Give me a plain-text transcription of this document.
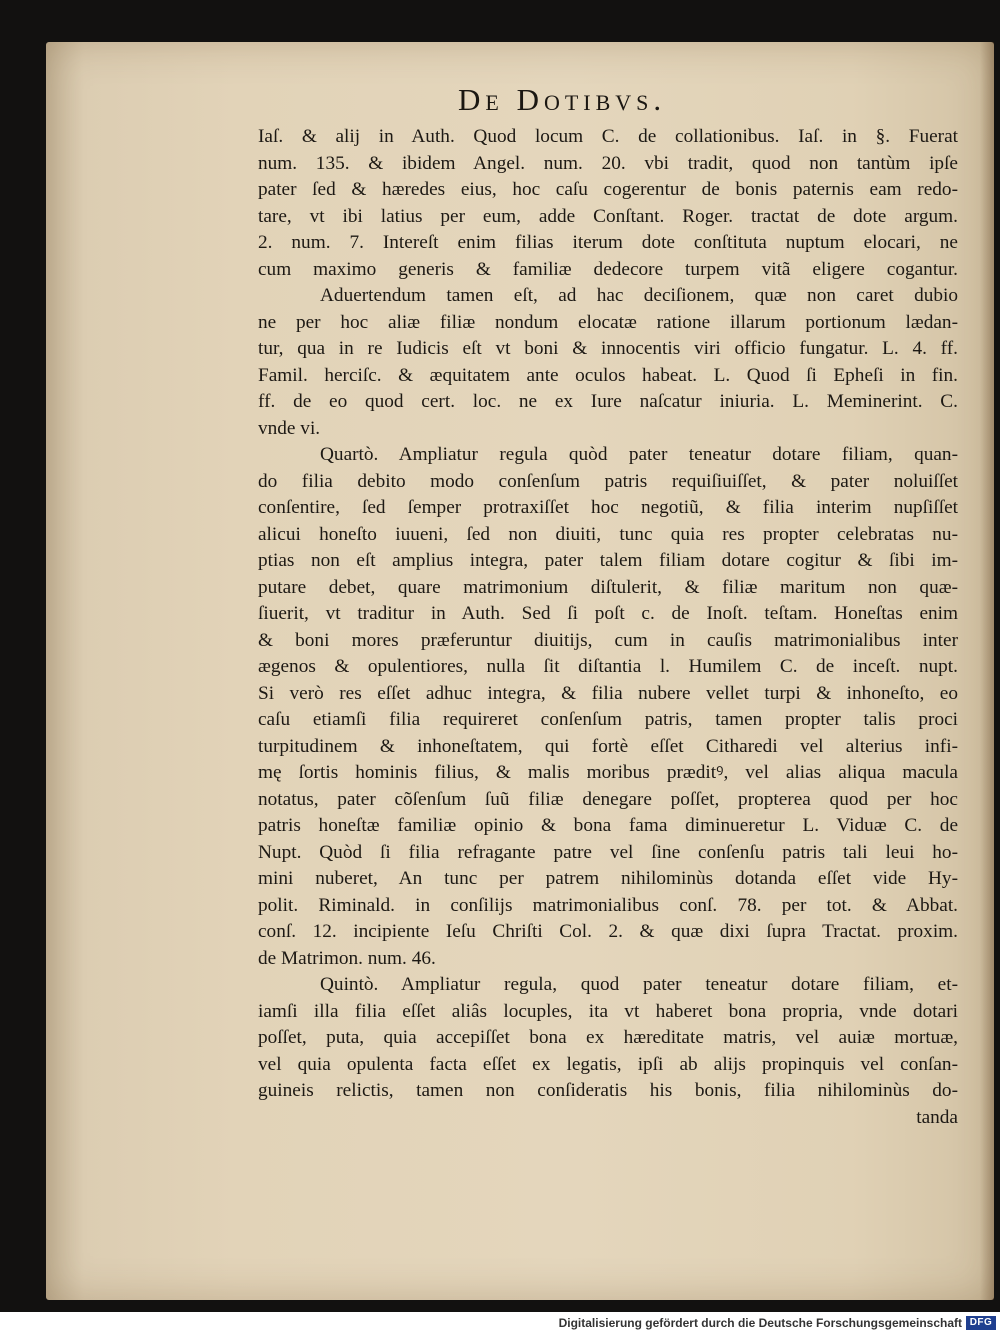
De Dotibvs.
Iaſ. & alij in Auth. Quod locum C. de collationibus. Iaſ. in §. Fuerat
num. 135. & ibidem Angel. num. 20. vbi tradit, quod non tantùm ipſe
pater ſed & hæredes eius, hoc caſu cogerentur de bonis paternis eam redo-
tare, vt ibi latius per eum, adde Conſtant. Roger. tractat de dote argum.
2. num. 7. Intereſt enim filias iterum dote conſtituta nuptum elocari, ne
cum maximo generis & familiæ dedecore turpem vitã eligere cogantur.
Aduertendum tamen eſt, ad hac deciſionem, quæ non caret dubio
ne per hoc aliæ filiæ nondum elocatæ ratione illarum portionum lædan-
tur, qua in re Iudicis eſt vt boni & innocentis viri officio fungatur. L. 4. ff.
Famil. herciſc. & æquitatem ante oculos habeat. L. Quod ſi Epheſi in fin.
ff. de eo quod cert. loc. ne ex Iure naſcatur iniuria. L. Meminerint. C.
vnde vi.
Quartò. Ampliatur regula quòd pater teneatur dotare filiam, quan-
do filia debito modo conſenſum patris requiſiuiſſet, & pater noluiſſet
conſentire, ſed ſemper protraxiſſet hoc negotiũ, & filia interim nupſiſſet
alicui honeſto iuueni, ſed non diuiti, tunc quia res propter celebratas nu-
ptias non eſt amplius integra, pater talem filiam dotare cogitur & ſibi im-
putare debet, quare matrimonium diſtulerit, & filiæ maritum non quæ-
ſiuerit, vt traditur in Auth. Sed ſi poſt c. de Inoſt. teſtam. Honeſtas enim
& boni mores præferuntur diuitijs, cum in cauſis matrimonialibus inter
ægenos & opulentiores, nulla ſit diſtantia l. Humilem C. de inceſt. nupt.
Si verò res eſſet adhuc integra, & filia nubere vellet turpi & inhoneſto, eo
caſu etiamſi filia requireret conſenſum patris, tamen propter talis proci
turpitudinem & inhoneſtatem, qui fortè eſſet Citharedi vel alterius infi-
mę ſortis hominis filius, & malis moribus præditꝰ, vel alias aliqua macula
notatus, pater cõſenſum ſuũ filiæ denegare poſſet, propterea quod per hoc
patris honeſtæ familiæ opinio & bona fama diminueretur L. Viduæ C. de
Nupt. Quòd ſi filia refragante patre vel ſine conſenſu patris tali leui ho-
mini nuberet, An tunc per patrem nihilominùs dotanda eſſet vide Hy-
polit. Riminald. in conſilijs matrimonialibus conſ. 78. per tot. & Abbat.
conſ. 12. incipiente Ieſu Chriſti Col. 2. & quæ dixi ſupra Tractat. proxim.
de Matrimon. num. 46.
Quintò. Ampliatur regula, quod pater teneatur dotare filiam, et-
iamſi illa filia eſſet aliâs locuples, ita vt haberet bona propria, vnde dotari
poſſet, puta, quia accepiſſet bona ex hæreditate matris, vel auiæ mortuæ,
vel quia opulenta facta eſſet ex legatis, ipſi ab alijs propinquis vel conſan-
guineis relictis, tamen non conſideratis his bonis, filia nihilominùs do-
tanda
Digitalisierung gefördert durch die Deutsche Forschungsgemeinschaft DFG
